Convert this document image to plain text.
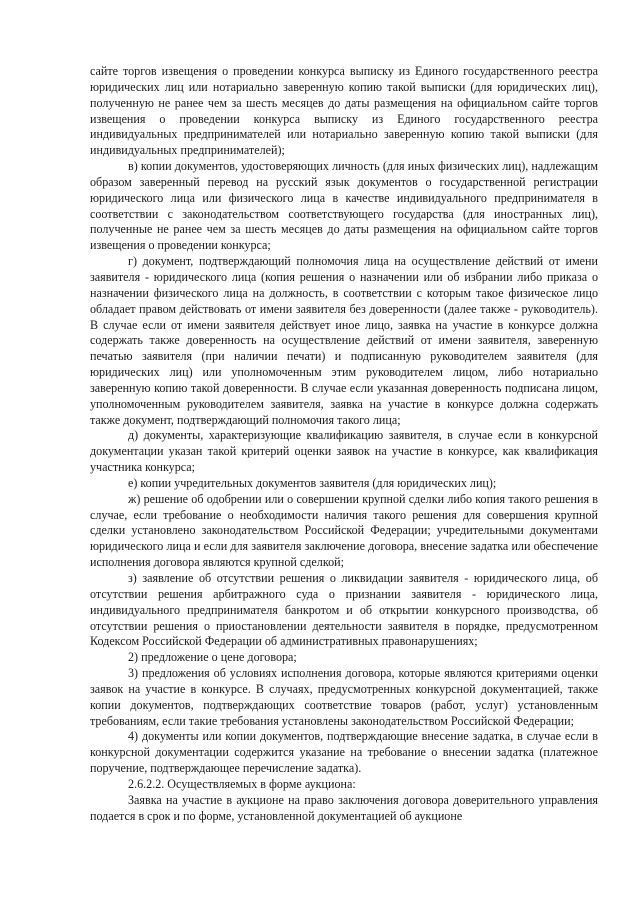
сайте торгов извещения о проведении конкурса выписку из Единого государственного реестра юридических лиц или нотариально заверенную копию такой выписки (для юридических лиц), полученную не ранее чем за шесть месяцев до даты размещения на официальном сайте торгов извещения о проведении конкурса выписку из Единого государственного реестра индивидуальных предпринимателей или нотариально заверенную копию такой выписки (для индивидуальных предпринимателей);

в) копии документов, удостоверяющих личность (для иных физических лиц), надлежащим образом заверенный перевод на русский язык документов о государственной регистрации юридического лица или физического лица в качестве индивидуального предпринимателя в соответствии с законодательством соответствующего государства (для иностранных лиц), полученные не ранее чем за шесть месяцев до даты размещения на официальном сайте торгов извещения о проведении конкурса;

г) документ, подтверждающий полномочия лица на осуществление действий от имени заявителя - юридического лица (копия решения о назначении или об избрании либо приказа о назначении физического лица на должность, в соответствии с которым такое физическое лицо обладает правом действовать от имени заявителя без доверенности (далее также - руководитель). В случае если от имени заявителя действует иное лицо, заявка на участие в конкурсе должна содержать также доверенность на осуществление действий от имени заявителя, заверенную печатью заявителя (при наличии печати) и подписанную руководителем заявителя (для юридических лиц) или уполномоченным этим руководителем лицом, либо нотариально заверенную копию такой доверенности. В случае если указанная доверенность подписана лицом, уполномоченным руководителем заявителя, заявка на участие в конкурсе должна содержать также документ, подтверждающий полномочия такого лица;

д) документы, характеризующие квалификацию заявителя, в случае если в конкурсной документации указан такой критерий оценки заявок на участие в конкурсе, как квалификация участника конкурса;

е) копии учредительных документов заявителя (для юридических лиц);

ж) решение об одобрении или о совершении крупной сделки либо копия такого решения в случае, если требование о необходимости наличия такого решения для совершения крупной сделки установлено законодательством Российской Федерации; учредительными документами юридического лица и если для заявителя заключение договора, внесение задатка или обеспечение исполнения договора являются крупной сделкой;

з) заявление об отсутствии решения о ликвидации заявителя - юридического лица, об отсутствии решения арбитражного суда о признании заявителя - юридического лица, индивидуального предпринимателя банкротом и об открытии конкурсного производства, об отсутствии решения о приостановлении деятельности заявителя в порядке, предусмотренном Кодексом Российской Федерации об административных правонарушениях;

2) предложение о цене договора;

3) предложения об условиях исполнения договора, которые являются критериями оценки заявок на участие в конкурсе. В случаях, предусмотренных конкурсной документацией, также копии документов, подтверждающих соответствие товаров (работ, услуг) установленным требованиям, если такие требования установлены законодательством Российской Федерации;

4) документы или копии документов, подтверждающие внесение задатка, в случае если в конкурсной документации содержится указание на требование о внесении задатка (платежное поручение, подтверждающее перечисление задатка).

2.6.2.2. Осуществляемых в форме аукциона:

Заявка на участие в аукционе на право заключения договора доверительного управления подается в срок и по форме, установленной документацией об аукционе
